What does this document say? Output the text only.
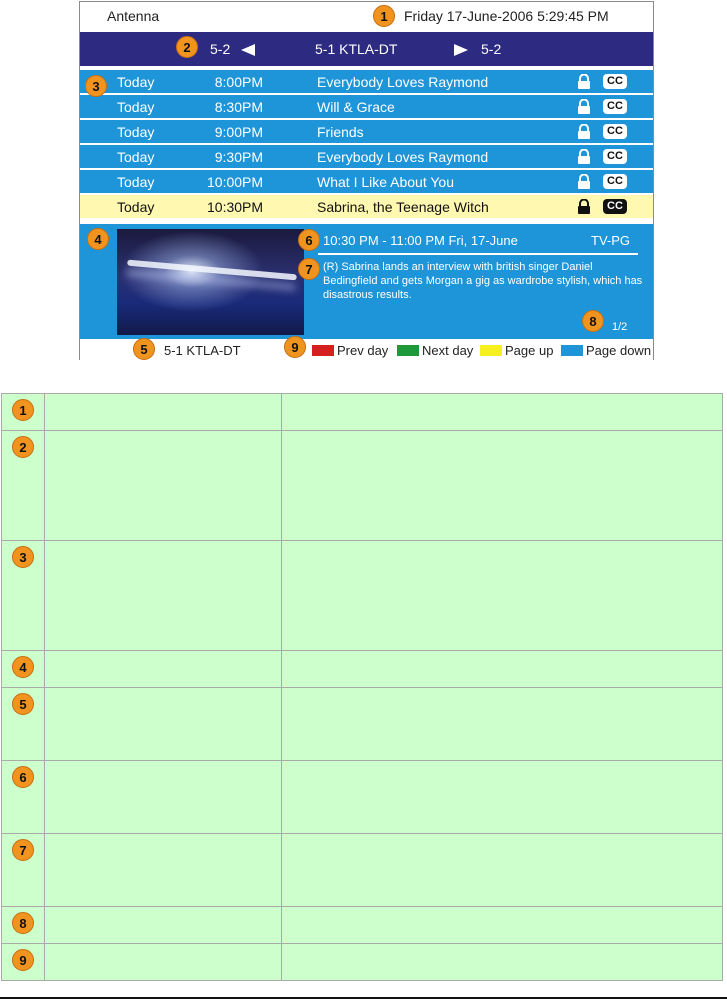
Antenna	Friday 17-June-2006 5:29:45 PM
5-2	5-1 KTLA-DT	5-2
Today	8:00PM	Everybody Loves Raymond	CC
Today	8:30PM	Will & Grace	CC
Today	9:00PM	Friends	CC
Today	9:30PM	Everybody Loves Raymond	CC
Today	10:00PM	What I Like About You	CC
Today	10:30PM	Sabrina, the Teenage Witch	CC
10:30 PM - 11:00 PM Fri, 17-June	TV-PG
(R) Sabrina lands an interview with british singer Daniel Bedingfield and gets Morgan a gig as wardrobe stylish, which has disastrous results.
1/2
5-1 KTLA-DT	Prev day	Next day Page up	Page down
1
2
3
4
5
6
7
8
9
1		

2		

3		

4		

5		

6		

7		

8		

9		
